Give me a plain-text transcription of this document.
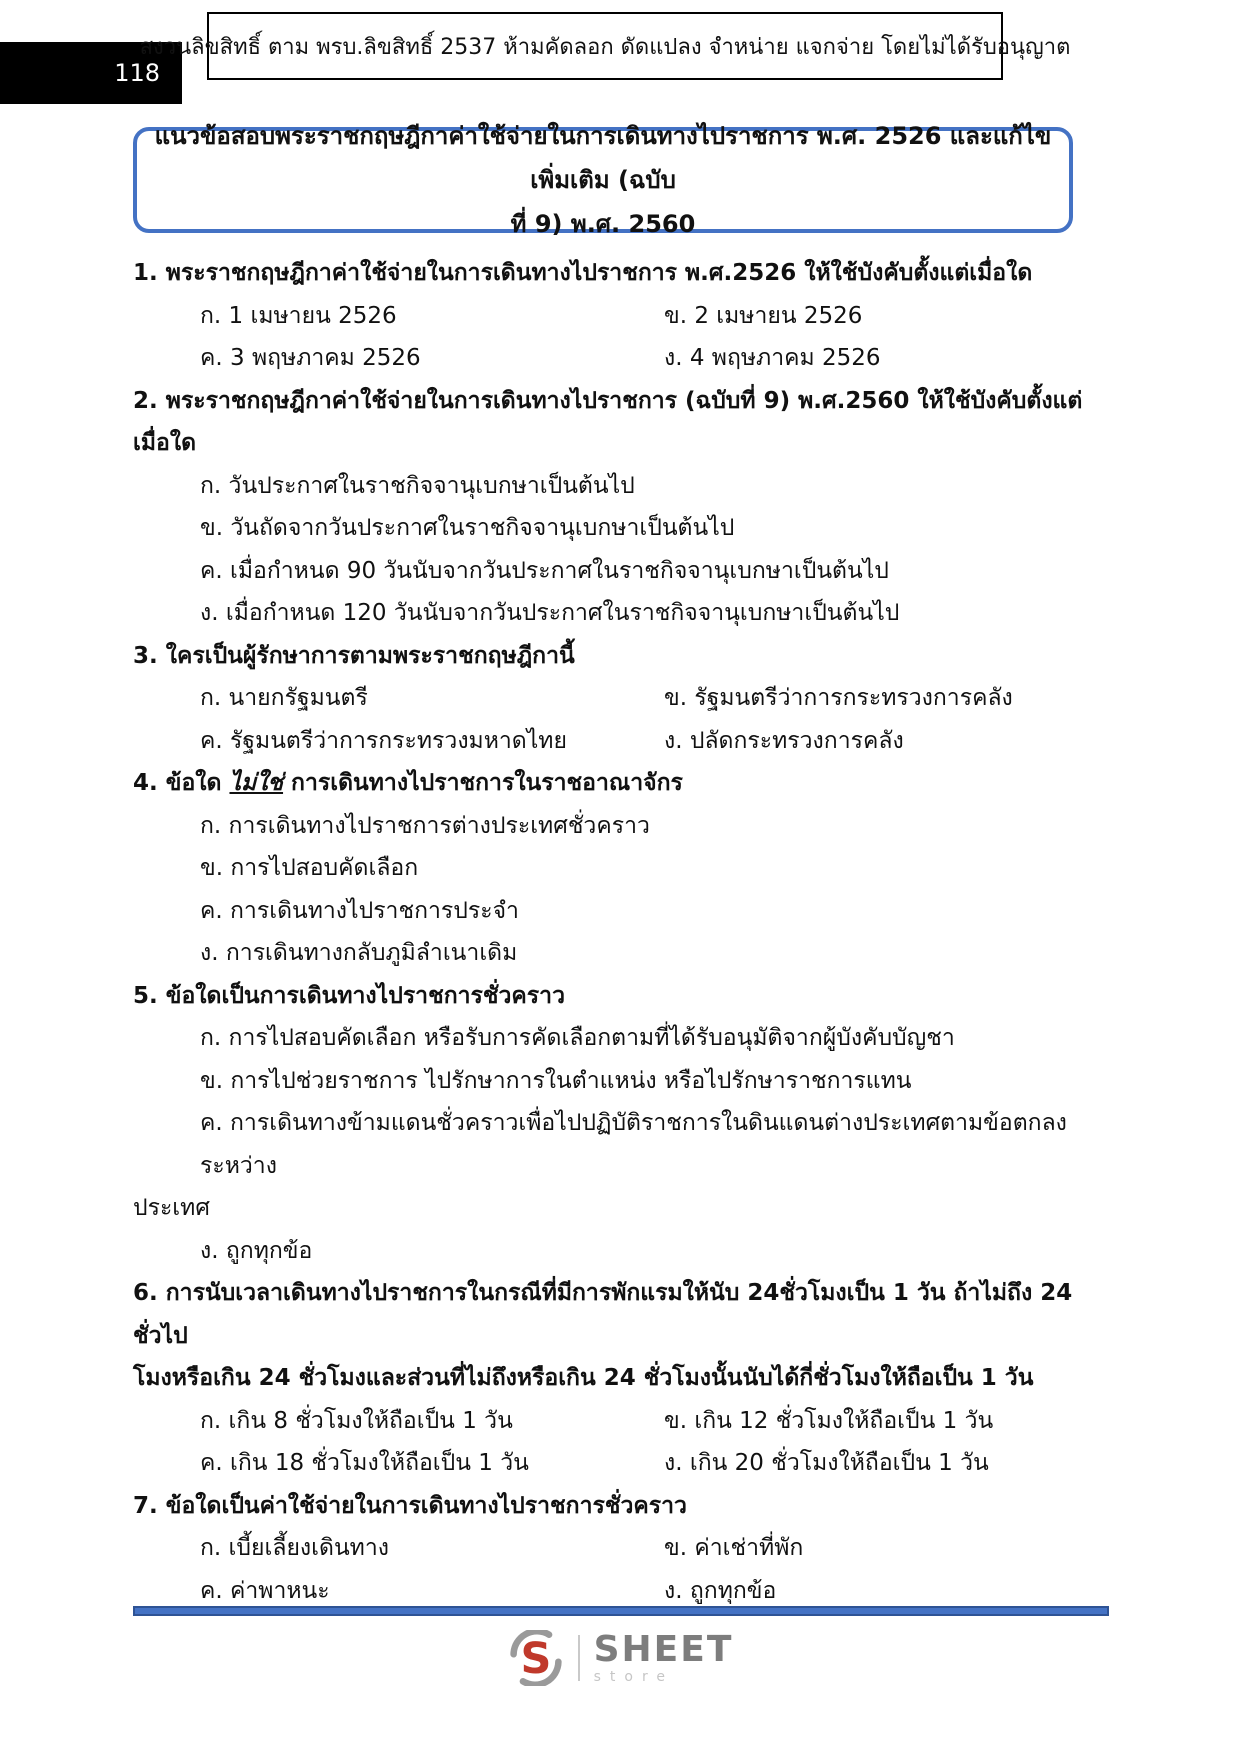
118
สงวนลิขสิทธิ์ ตาม พรบ.ลิขสิทธิ์ 2537 ห้ามคัดลอก ดัดแปลง จำหน่าย แจกจ่าย โดยไม่ได้รับอนุญาต
แนวข้อสอบพระราชกฤษฎีกาค่าใช้จ่ายในการเดินทางไปราชการ พ.ศ. 2526 และแก้ไขเพิ่มเติม (ฉบับ
ที่ 9) พ.ศ. 2560
1. พระราชกฤษฎีกาค่าใช้จ่ายในการเดินทางไปราชการ พ.ศ.2526 ให้ใช้บังคับตั้งแต่เมื่อใด
ก. 1 เมษายน 2526	ข. 2 เมษายน 2526
ค. 3 พฤษภาคม 2526	ง. 4 พฤษภาคม 2526
2. พระราชกฤษฎีกาค่าใช้จ่ายในการเดินทางไปราชการ (ฉบับที่ 9) พ.ศ.2560 ให้ใช้บังคับตั้งแต่
เมื่อใด
ก. วันประกาศในราชกิจจานุเบกษาเป็นต้นไป
ข. วันถัดจากวันประกาศในราชกิจจานุเบกษาเป็นต้นไป
ค. เมื่อกำหนด 90 วันนับจากวันประกาศในราชกิจจานุเบกษาเป็นต้นไป
ง. เมื่อกำหนด 120 วันนับจากวันประกาศในราชกิจจานุเบกษาเป็นต้นไป
3. ใครเป็นผู้รักษาการตามพระราชกฤษฎีกานี้
ก. นายกรัฐมนตรี	ข. รัฐมนตรีว่าการกระทรวงการคลัง
ค. รัฐมนตรีว่าการกระทรวงมหาดไทย	ง. ปลัดกระทรวงการคลัง
4. ข้อใด ไม่ใช่ การเดินทางไปราชการในราชอาณาจักร
ก. การเดินทางไปราชการต่างประเทศชั่วคราว
ข. การไปสอบคัดเลือก
ค. การเดินทางไปราชการประจำ
ง. การเดินทางกลับภูมิลำเนาเดิม
5. ข้อใดเป็นการเดินทางไปราชการชั่วคราว
ก. การไปสอบคัดเลือก หรือรับการคัดเลือกตามที่ได้รับอนุมัติจากผู้บังคับบัญชา
ข. การไปช่วยราชการ ไปรักษาการในตำแหน่ง หรือไปรักษาราชการแทน
ค. การเดินทางข้ามแดนชั่วคราวเพื่อไปปฏิบัติราชการในดินแดนต่างประเทศตามข้อตกลงระหว่าง
ประเทศ
ง. ถูกทุกข้อ
6. การนับเวลาเดินทางไปราชการในกรณีที่มีการพักแรมให้นับ 24ชั่วโมงเป็น 1 วัน ถ้าไม่ถึง 24 ชั่วไป
โมงหรือเกิน 24 ชั่วโมงและส่วนที่ไม่ถึงหรือเกิน 24 ชั่วโมงนั้นนับได้กี่ชั่วโมงให้ถือเป็น 1 วัน
ก. เกิน 8 ชั่วโมงให้ถือเป็น 1 วัน	ข. เกิน 12 ชั่วโมงให้ถือเป็น 1 วัน
ค. เกิน 18 ชั่วโมงให้ถือเป็น 1 วัน	ง. เกิน 20 ชั่วโมงให้ถือเป็น 1 วัน
7. ข้อใดเป็นค่าใช้จ่ายในการเดินทางไปราชการชั่วคราว
ก. เบี้ยเลี้ยงเดินทาง	ข. ค่าเช่าที่พัก
ค. ค่าพาหนะ	ง. ถูกทุกข้อ
S SHEET
store
